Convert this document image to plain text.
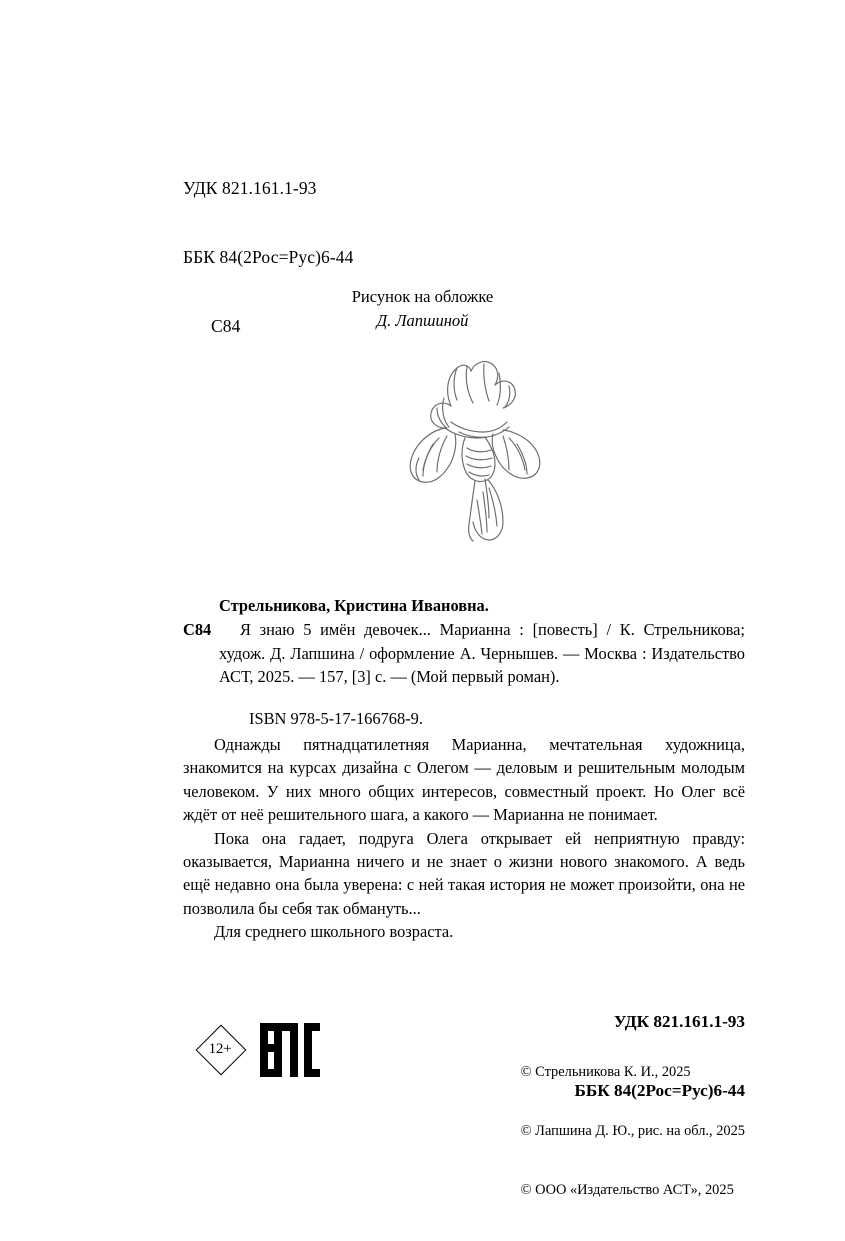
УДК 821.161.1-93

ББК 84(2Рос=Рус)6-44

С84

Рисунок на обложке
Д. Лапшиной
Стрельникова, Кристина Ивановна.
С84 Я знаю 5 имён девочек... Марианна : [повесть] / К. Стрельникова; худож. Д. Лапшина / оформление А. Чернышев. — Москва : Издательство АСТ, 2025. — 157, [3] с. — (Мой первый роман).
ISBN 978-5-17-166768-9.

Однажды пятнадцатилетняя Марианна, мечтательная художница, знакомится на курсах дизайна с Олегом — деловым и решительным молодым человеком. У них много общих интересов, совместный проект. Но Олег всё ждёт от неё решительного шага, а какого — Марианна не понимает.

Пока она гадает, подруга Олега открывает ей неприятную правду: оказывается, Марианна ничего и не знает о жизни нового знакомого. А ведь ещё недавно она была уверена: с ней такая история не может произойти, она не позволила бы себя так обмануть...

Для среднего школьного возраста.

УДК 821.161.1-93

ББК 84(2Рос=Рус)6-44

© Стрельникова К. И., 2025

© Лапшина Д. Ю., рис. на обл., 2025

© ООО «Издательство АСТ», 2025

12+
